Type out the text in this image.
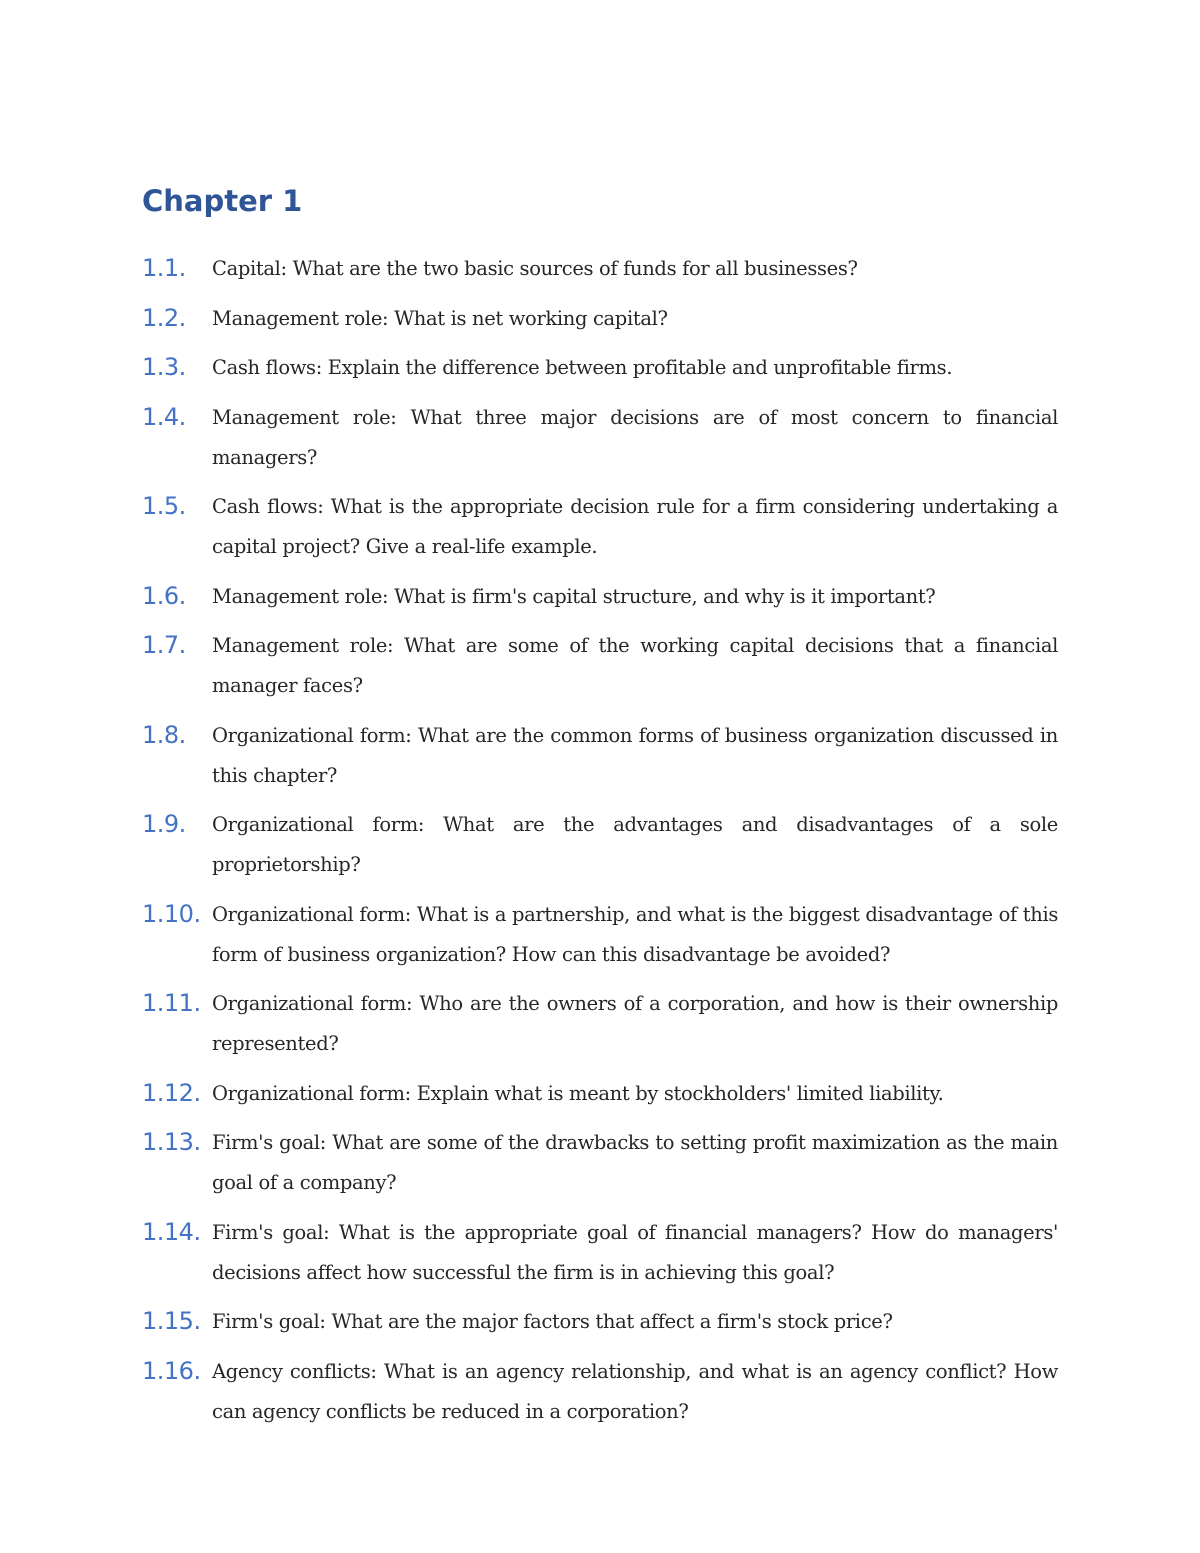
Chapter 1
1.1.	Capital: What are the two basic sources of funds for all businesses?
1.2.	Management role: What is net working capital?
1.3.	Cash flows: Explain the difference between profitable and unprofitable firms.
1.4.	Management role: What three major decisions are of most concern to financial managers?
1.5.	Cash flows: What is the appropriate decision rule for a firm considering undertaking a capital project? Give a real-life example.
1.6.	Management role: What is firm's capital structure, and why is it important?
1.7.	Management role: What are some of the working capital decisions that a financial manager faces?
1.8.	Organizational form: What are the common forms of business organization discussed in this chapter?
1.9.	Organizational form: What are the advantages and disadvantages of a sole proprietorship?
1.10. Organizational form: What is a partnership, and what is the biggest disadvantage of this form of business organization? How can this disadvantage be avoided?
1.11. Organizational form: Who are the owners of a corporation, and how is their ownership represented?
1.12. Organizational form: Explain what is meant by stockholders' limited liability.
1.13. Firm's goal: What are some of the drawbacks to setting profit maximization as the main goal of a company?
1.14. Firm's goal: What is the appropriate goal of financial managers? How do managers' decisions affect how successful the firm is in achieving this goal?
1.15. Firm's goal: What are the major factors that affect a firm's stock price?
1.16. Agency conflicts: What is an agency relationship, and what is an agency conflict? How can agency conflicts be reduced in a corporation?
